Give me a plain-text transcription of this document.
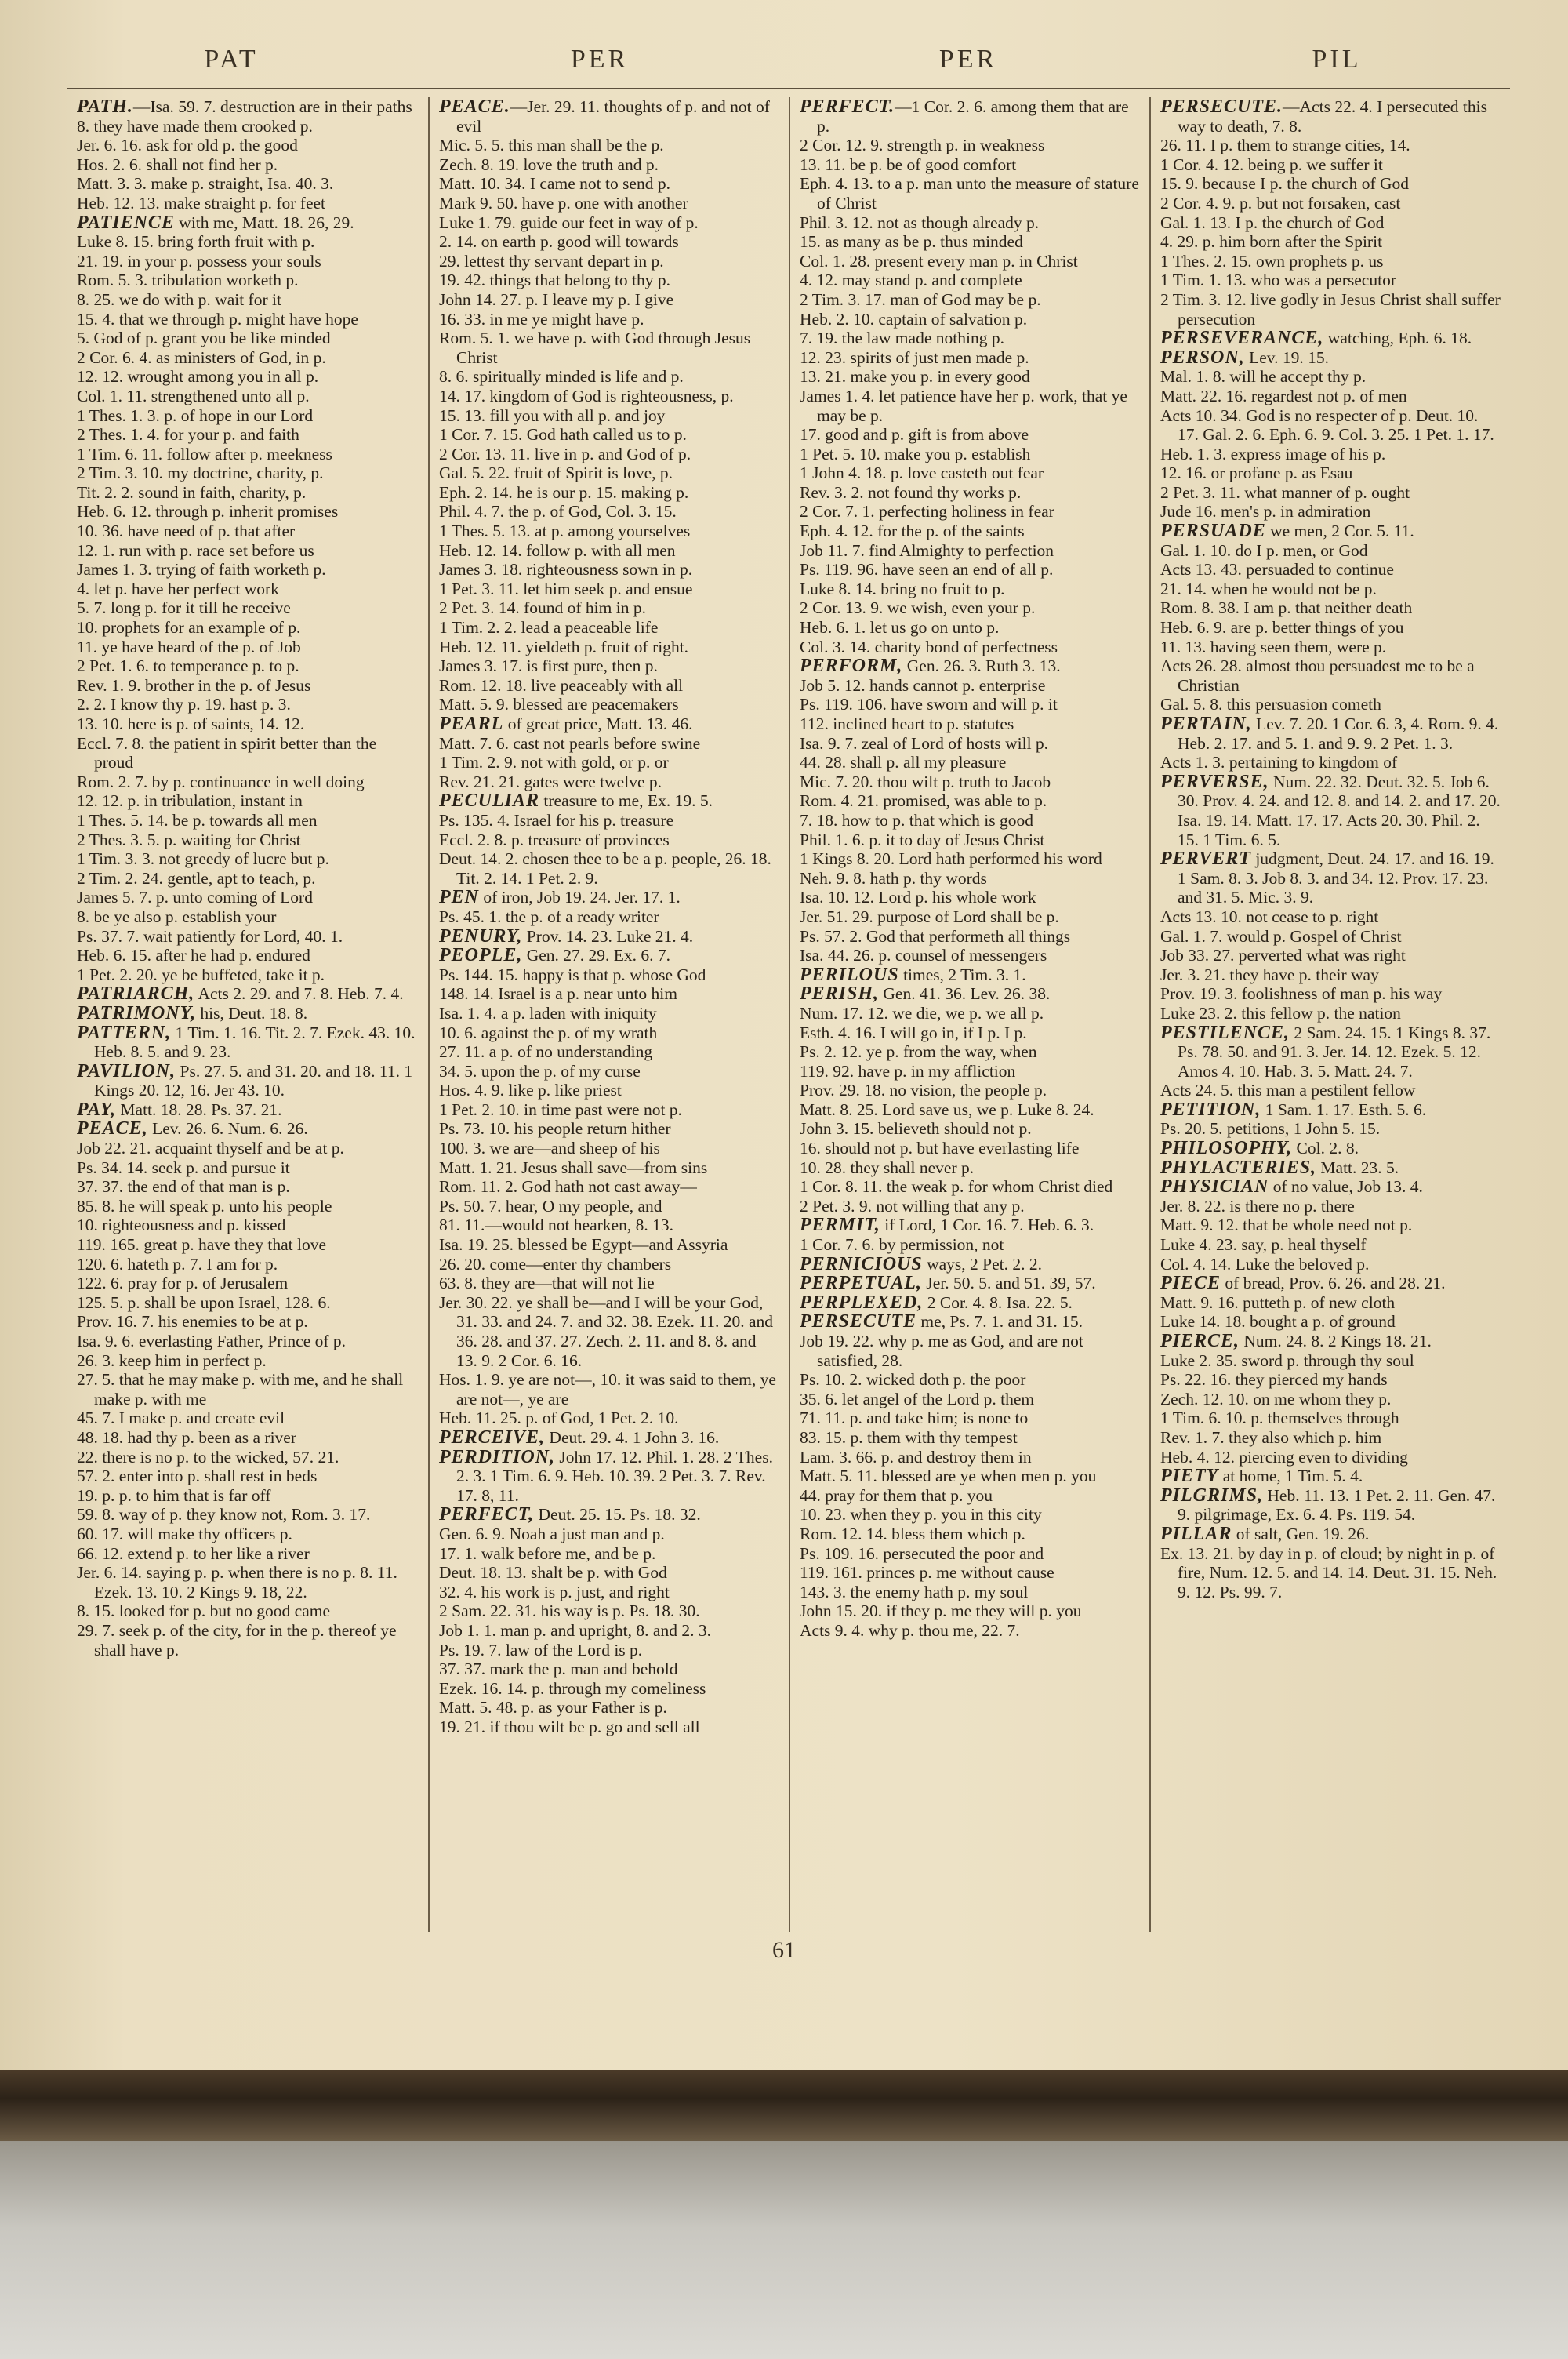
PAT	PER	PER	PIL

PATH.—Isa. 59. 7. destruction are in their paths

8. they have made them crooked p.

Jer. 6. 16. ask for old p. the good

Hos. 2. 6. shall not find her p.

Matt. 3. 3. make p. straight, Isa. 40. 3.

Heb. 12. 13. make straight p. for feet

PATIENCE with me, Matt. 18. 26, 29.

Luke 8. 15. bring forth fruit with p.

21. 19. in your p. possess your souls

Rom. 5. 3. tribulation worketh p.

8. 25. we do with p. wait for it

15. 4. that we through p. might have hope

5. God of p. grant you be like minded

2 Cor. 6. 4. as ministers of God, in p.

12. 12. wrought among you in all p.

Col. 1. 11. strengthened unto all p.

1 Thes. 1. 3. p. of hope in our Lord

2 Thes. 1. 4. for your p. and faith

1 Tim. 6. 11. follow after p. meekness

2 Tim. 3. 10. my doctrine, charity, p.

Tit. 2. 2. sound in faith, charity, p.

Heb. 6. 12. through p. inherit promises

10. 36. have need of p. that after

12. 1. run with p. race set before us

James 1. 3. trying of faith worketh p.

4. let p. have her perfect work

5. 7. long p. for it till he receive

10. prophets for an example of p.

11. ye have heard of the p. of Job

2 Pet. 1. 6. to temperance p. to p.

Rev. 1. 9. brother in the p. of Jesus

2. 2. I know thy p. 19. hast p. 3.

13. 10. here is p. of saints, 14. 12.

Eccl. 7. 8. the patient in spirit better than the proud

Rom. 2. 7. by p. continuance in well doing

12. 12. p. in tribulation, instant in

1 Thes. 5. 14. be p. towards all men

2 Thes. 3. 5. p. waiting for Christ

1 Tim. 3. 3. not greedy of lucre but p.

2 Tim. 2. 24. gentle, apt to teach, p.

James 5. 7. p. unto coming of Lord

8. be ye also p. establish your

Ps. 37. 7. wait patiently for Lord, 40. 1.

Heb. 6. 15. after he had p. endured

1 Pet. 2. 20. ye be buffeted, take it p.

PATRIARCH, Acts 2. 29. and 7. 8. Heb. 7. 4.

PATRIMONY, his, Deut. 18. 8.

PATTERN, 1 Tim. 1. 16. Tit. 2. 7. Ezek. 43. 10. Heb. 8. 5. and 9. 23.

PAVILION, Ps. 27. 5. and 31. 20. and 18. 11. 1 Kings 20. 12, 16. Jer 43. 10.

PAY, Matt. 18. 28. Ps. 37. 21.

PEACE, Lev. 26. 6. Num. 6. 26.

Job 22. 21. acquaint thyself and be at p.

Ps. 34. 14. seek p. and pursue it

37. 37. the end of that man is p.

85. 8. he will speak p. unto his people

10. righteousness and p. kissed

119. 165. great p. have they that love

120. 6. hateth p. 7. I am for p.

122. 6. pray for p. of Jerusalem

125. 5. p. shall be upon Israel, 128. 6.

Prov. 16. 7. his enemies to be at p.

Isa. 9. 6. everlasting Father, Prince of p.

26. 3. keep him in perfect p.

27. 5. that he may make p. with me, and he shall make p. with me

45. 7. I make p. and create evil

48. 18. had thy p. been as a river

22. there is no p. to the wicked, 57. 21.

57. 2. enter into p. shall rest in beds

19. p. p. to him that is far off

59. 8. way of p. they know not, Rom. 3. 17.

60. 17. will make thy officers p.

66. 12. extend p. to her like a river

Jer. 6. 14. saying p. p. when there is no p. 8. 11. Ezek. 13. 10. 2 Kings 9. 18, 22.

8. 15. looked for p. but no good came

29. 7. seek p. of the city, for in the p. thereof ye shall have p.

PEACE.—Jer. 29. 11. thoughts of p. and not of evil

Mic. 5. 5. this man shall be the p.

Zech. 8. 19. love the truth and p.

Matt. 10. 34. I came not to send p.

Mark 9. 50. have p. one with another

Luke 1. 79. guide our feet in way of p.

2. 14. on earth p. good will towards

29. lettest thy servant depart in p.

19. 42. things that belong to thy p.

John 14. 27. p. I leave my p. I give

16. 33. in me ye might have p.

Rom. 5. 1. we have p. with God through Jesus Christ

8. 6. spiritually minded is life and p.

14. 17. kingdom of God is righteousness, p.

15. 13. fill you with all p. and joy

1 Cor. 7. 15. God hath called us to p.

2 Cor. 13. 11. live in p. and God of p.

Gal. 5. 22. fruit of Spirit is love, p.

Eph. 2. 14. he is our p. 15. making p.

Phil. 4. 7. the p. of God, Col. 3. 15.

1 Thes. 5. 13. at p. among yourselves

Heb. 12. 14. follow p. with all men

James 3. 18. righteousness sown in p.

1 Pet. 3. 11. let him seek p. and ensue

2 Pet. 3. 14. found of him in p.

1 Tim. 2. 2. lead a peaceable life

Heb. 12. 11. yieldeth p. fruit of right.

James 3. 17. is first pure, then p.

Rom. 12. 18. live peaceably with all

Matt. 5. 9. blessed are peacemakers

PEARL of great price, Matt. 13. 46.

Matt. 7. 6. cast not pearls before swine

1 Tim. 2. 9. not with gold, or p. or

Rev. 21. 21. gates were twelve p.

PECULIAR treasure to me, Ex. 19. 5.

Ps. 135. 4. Israel for his p. treasure

Eccl. 2. 8. p. treasure of provinces

Deut. 14. 2. chosen thee to be a p. people, 26. 18. Tit. 2. 14. 1 Pet. 2. 9.

PEN of iron, Job 19. 24. Jer. 17. 1.

Ps. 45. 1. the p. of a ready writer

PENURY, Prov. 14. 23. Luke 21. 4.

PEOPLE, Gen. 27. 29. Ex. 6. 7.

Ps. 144. 15. happy is that p. whose God

148. 14. Israel is a p. near unto him

Isa. 1. 4. a p. laden with iniquity

10. 6. against the p. of my wrath

27. 11. a p. of no understanding

34. 5. upon the p. of my curse

Hos. 4. 9. like p. like priest

1 Pet. 2. 10. in time past were not p.

Ps. 73. 10. his people return hither

100. 3. we are—and sheep of his

Matt. 1. 21. Jesus shall save—from sins

Rom. 11. 2. God hath not cast away—

Ps. 50. 7. hear, O my people, and

81. 11.—would not hearken, 8. 13.

Isa. 19. 25. blessed be Egypt—and Assyria

26. 20. come—enter thy chambers

63. 8. they are—that will not lie

Jer. 30. 22. ye shall be—and I will be your God, 31. 33. and 24. 7. and 32. 38. Ezek. 11. 20. and 36. 28. and 37. 27. Zech. 2. 11. and 8. 8. and 13. 9. 2 Cor. 6. 16.

Hos. 1. 9. ye are not—, 10. it was said to them, ye are not—, ye are

Heb. 11. 25. p. of God, 1 Pet. 2. 10.

PERCEIVE, Deut. 29. 4. 1 John 3. 16.

PERDITION, John 17. 12. Phil. 1. 28. 2 Thes. 2. 3. 1 Tim. 6. 9. Heb. 10. 39. 2 Pet. 3. 7. Rev. 17. 8, 11.

PERFECT, Deut. 25. 15. Ps. 18. 32.

Gen. 6. 9. Noah a just man and p.

17. 1. walk before me, and be p.

Deut. 18. 13. shalt be p. with God

32. 4. his work is p. just, and right

2 Sam. 22. 31. his way is p. Ps. 18. 30.

Job 1. 1. man p. and upright, 8. and 2. 3.

Ps. 19. 7. law of the Lord is p.

37. 37. mark the p. man and behold

Ezek. 16. 14. p. through my comeliness

Matt. 5. 48. p. as your Father is p.

19. 21. if thou wilt be p. go and sell all

PERFECT.—1 Cor. 2. 6. among them that are p.

2 Cor. 12. 9. strength p. in weakness

13. 11. be p. be of good comfort

Eph. 4. 13. to a p. man unto the measure of stature of Christ

Phil. 3. 12. not as though already p.

15. as many as be p. thus minded

Col. 1. 28. present every man p. in Christ

4. 12. may stand p. and complete

2 Tim. 3. 17. man of God may be p.

Heb. 2. 10. captain of salvation p.

7. 19. the law made nothing p.

12. 23. spirits of just men made p.

13. 21. make you p. in every good

James 1. 4. let patience have her p. work, that ye may be p.

17. good and p. gift is from above

1 Pet. 5. 10. make you p. establish

1 John 4. 18. p. love casteth out fear

Rev. 3. 2. not found thy works p.

2 Cor. 7. 1. perfecting holiness in fear

Eph. 4. 12. for the p. of the saints

Job 11. 7. find Almighty to perfection

Ps. 119. 96. have seen an end of all p.

Luke 8. 14. bring no fruit to p.

2 Cor. 13. 9. we wish, even your p.

Heb. 6. 1. let us go on unto p.

Col. 3. 14. charity bond of perfectness

PERFORM, Gen. 26. 3. Ruth 3. 13.

Job 5. 12. hands cannot p. enterprise

Ps. 119. 106. have sworn and will p. it

112. inclined heart to p. statutes

Isa. 9. 7. zeal of Lord of hosts will p.

44. 28. shall p. all my pleasure

Mic. 7. 20. thou wilt p. truth to Jacob

Rom. 4. 21. promised, was able to p.

7. 18. how to p. that which is good

Phil. 1. 6. p. it to day of Jesus Christ

1 Kings 8. 20. Lord hath performed his word

Neh. 9. 8. hath p. thy words

Isa. 10. 12. Lord p. his whole work

Jer. 51. 29. purpose of Lord shall be p.

Ps. 57. 2. God that performeth all things

Isa. 44. 26. p. counsel of messengers

PERILOUS times, 2 Tim. 3. 1.

PERISH, Gen. 41. 36. Lev. 26. 38.

Num. 17. 12. we die, we p. we all p.

Esth. 4. 16. I will go in, if I p. I p.

Ps. 2. 12. ye p. from the way, when

119. 92. have p. in my affliction

Prov. 29. 18. no vision, the people p.

Matt. 8. 25. Lord save us, we p. Luke 8. 24.

John 3. 15. believeth should not p.

16. should not p. but have everlasting life

10. 28. they shall never p.

1 Cor. 8. 11. the weak p. for whom Christ died

2 Pet. 3. 9. not willing that any p.

PERMIT, if Lord, 1 Cor. 16. 7. Heb. 6. 3.

1 Cor. 7. 6. by permission, not

PERNICIOUS ways, 2 Pet. 2. 2.

PERPETUAL, Jer. 50. 5. and 51. 39, 57.

PERPLEXED, 2 Cor. 4. 8. Isa. 22. 5.

PERSECUTE me, Ps. 7. 1. and 31. 15.

Job 19. 22. why p. me as God, and are not satisfied, 28.

Ps. 10. 2. wicked doth p. the poor

35. 6. let angel of the Lord p. them

71. 11. p. and take him; is none to

83. 15. p. them with thy tempest

Lam. 3. 66. p. and destroy them in

Matt. 5. 11. blessed are ye when men p. you

44. pray for them that p. you

10. 23. when they p. you in this city

Rom. 12. 14. bless them which p.

Ps. 109. 16. persecuted the poor and

119. 161. princes p. me without cause

143. 3. the enemy hath p. my soul

John 15. 20. if they p. me they will p. you

Acts 9. 4. why p. thou me, 22. 7.

PERSECUTE.—Acts 22. 4. I persecuted this way to death, 7. 8.

26. 11. I p. them to strange cities, 14.

1 Cor. 4. 12. being p. we suffer it

15. 9. because I p. the church of God

2 Cor. 4. 9. p. but not forsaken, cast

Gal. 1. 13. I p. the church of God

4. 29. p. him born after the Spirit

1 Thes. 2. 15. own prophets p. us

1 Tim. 1. 13. who was a persecutor

2 Tim. 3. 12. live godly in Jesus Christ shall suffer persecution

PERSEVERANCE, watching, Eph. 6. 18.

PERSON, Lev. 19. 15.

Mal. 1. 8. will he accept thy p.

Matt. 22. 16. regardest not p. of men

Acts 10. 34. God is no respecter of p. Deut. 10. 17. Gal. 2. 6. Eph. 6. 9. Col. 3. 25. 1 Pet. 1. 17.

Heb. 1. 3. express image of his p.

12. 16. or profane p. as Esau

2 Pet. 3. 11. what manner of p. ought

Jude 16. men's p. in admiration

PERSUADE we men, 2 Cor. 5. 11.

Gal. 1. 10. do I p. men, or God

Acts 13. 43. persuaded to continue

21. 14. when he would not be p.

Rom. 8. 38. I am p. that neither death

Heb. 6. 9. are p. better things of you

11. 13. having seen them, were p.

Acts 26. 28. almost thou persuadest me to be a Christian

Gal. 5. 8. this persuasion cometh

PERTAIN, Lev. 7. 20. 1 Cor. 6. 3, 4. Rom. 9. 4. Heb. 2. 17. and 5. 1. and 9. 9. 2 Pet. 1. 3.

Acts 1. 3. pertaining to kingdom of

PERVERSE, Num. 22. 32. Deut. 32. 5. Job 6. 30. Prov. 4. 24. and 12. 8. and 14. 2. and 17. 20. Isa. 19. 14. Matt. 17. 17. Acts 20. 30. Phil. 2. 15. 1 Tim. 6. 5.

PERVERT judgment, Deut. 24. 17. and 16. 19. 1 Sam. 8. 3. Job 8. 3. and 34. 12. Prov. 17. 23. and 31. 5. Mic. 3. 9.

Acts 13. 10. not cease to p. right

Gal. 1. 7. would p. Gospel of Christ

Job 33. 27. perverted what was right

Jer. 3. 21. they have p. their way

Prov. 19. 3. foolishness of man p. his way

Luke 23. 2. this fellow p. the nation

PESTILENCE, 2 Sam. 24. 15. 1 Kings 8. 37. Ps. 78. 50. and 91. 3. Jer. 14. 12. Ezek. 5. 12. Amos 4. 10. Hab. 3. 5. Matt. 24. 7.

Acts 24. 5. this man a pestilent fellow

PETITION, 1 Sam. 1. 17. Esth. 5. 6.

Ps. 20. 5. petitions, 1 John 5. 15.

PHILOSOPHY, Col. 2. 8.

PHYLACTERIES, Matt. 23. 5.

PHYSICIAN of no value, Job 13. 4.

Jer. 8. 22. is there no p. there

Matt. 9. 12. that be whole need not p.

Luke 4. 23. say, p. heal thyself

Col. 4. 14. Luke the beloved p.

PIECE of bread, Prov. 6. 26. and 28. 21.

Matt. 9. 16. putteth p. of new cloth

Luke 14. 18. bought a p. of ground

PIERCE, Num. 24. 8. 2 Kings 18. 21.

Luke 2. 35. sword p. through thy soul

Ps. 22. 16. they pierced my hands

Zech. 12. 10. on me whom they p.

1 Tim. 6. 10. p. themselves through

Rev. 1. 7. they also which p. him

Heb. 4. 12. piercing even to dividing

PIETY at home, 1 Tim. 5. 4.

PILGRIMS, Heb. 11. 13. 1 Pet. 2. 11. Gen. 47. 9. pilgrimage, Ex. 6. 4. Ps. 119. 54.

PILLAR of salt, Gen. 19. 26.

Ex. 13. 21. by day in p. of cloud; by night in p. of fire, Num. 12. 5. and 14. 14. Deut. 31. 15. Neh. 9. 12. Ps. 99. 7.

61
